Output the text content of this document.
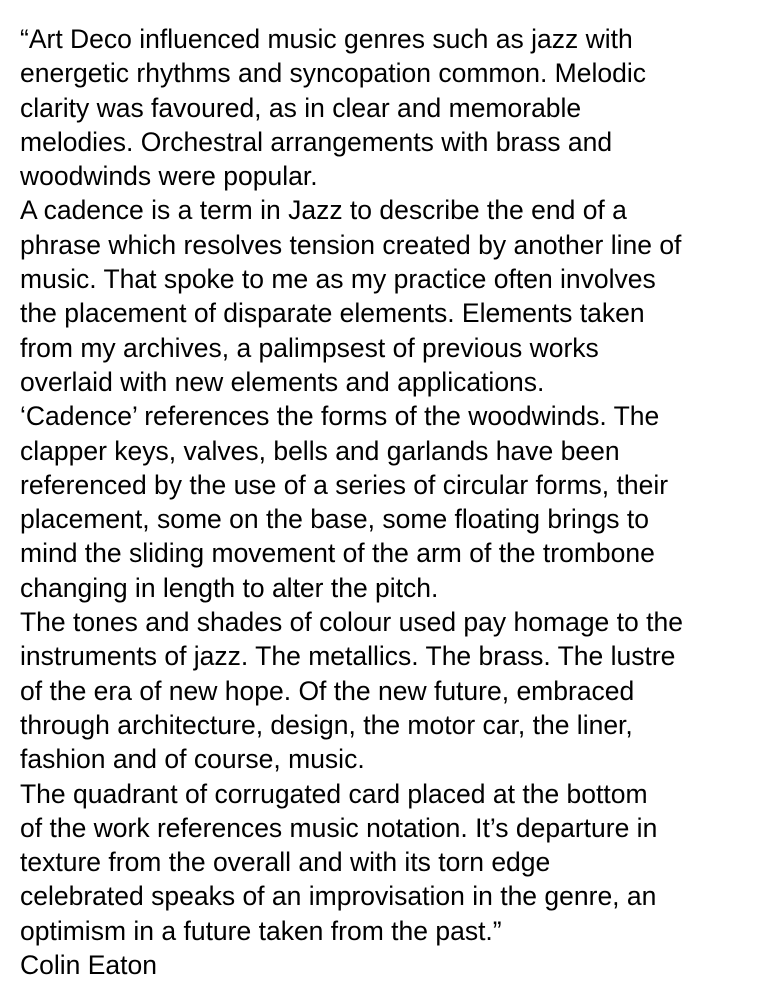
“Art Deco influenced music genres such as jazz with
energetic rhythms and syncopation common. Melodic
clarity was favoured, as in clear and memorable
melodies. Orchestral arrangements with brass and
woodwinds were popular.
A cadence is a term in Jazz to describe the end of a
phrase which resolves tension created by another line of
music. That spoke to me as my practice often involves
the placement of disparate elements. Elements taken
from my archives, a palimpsest of previous works
overlaid with new elements and applications.
‘Cadence’ references the forms of the woodwinds. The
clapper keys, valves, bells and garlands have been
referenced by the use of a series of circular forms, their
placement, some on the base, some floating brings to
mind the sliding movement of the arm of the trombone
changing in length to alter the pitch.
The tones and shades of colour used pay homage to the
instruments of jazz. The metallics. The brass. The lustre
of the era of new hope. Of the new future, embraced
through architecture, design, the motor car, the liner,
fashion and of course, music.
The quadrant of corrugated card placed at the bottom
of the work references music notation. It’s departure in
texture from the overall and with its torn edge
celebrated speaks of an improvisation in the genre, an
optimism in a future taken from the past.”
Colin Eaton
